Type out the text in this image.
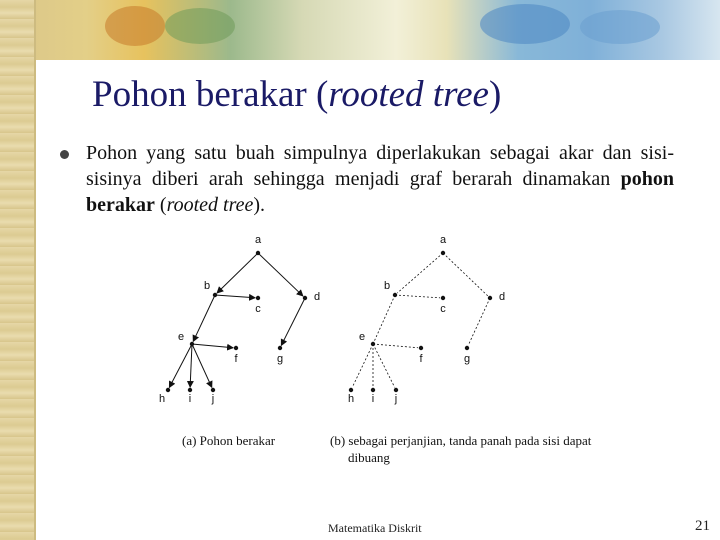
Pohon berakar (rooted tree)
Pohon yang satu buah simpulnya diperlakukan sebagai akar dan sisi-sisinya diberi arah sehingga menjadi graf berarah dinamakan pohon berakar (rooted tree).
a
b
c
d
e
f	g
h i j
a
b
c
d
e
f	g
h i j
(a) Pohon berakar	(b) sebagai perjanjian, tanda panah pada sisi dapat
dibuang
Matematika Diskrit	21
